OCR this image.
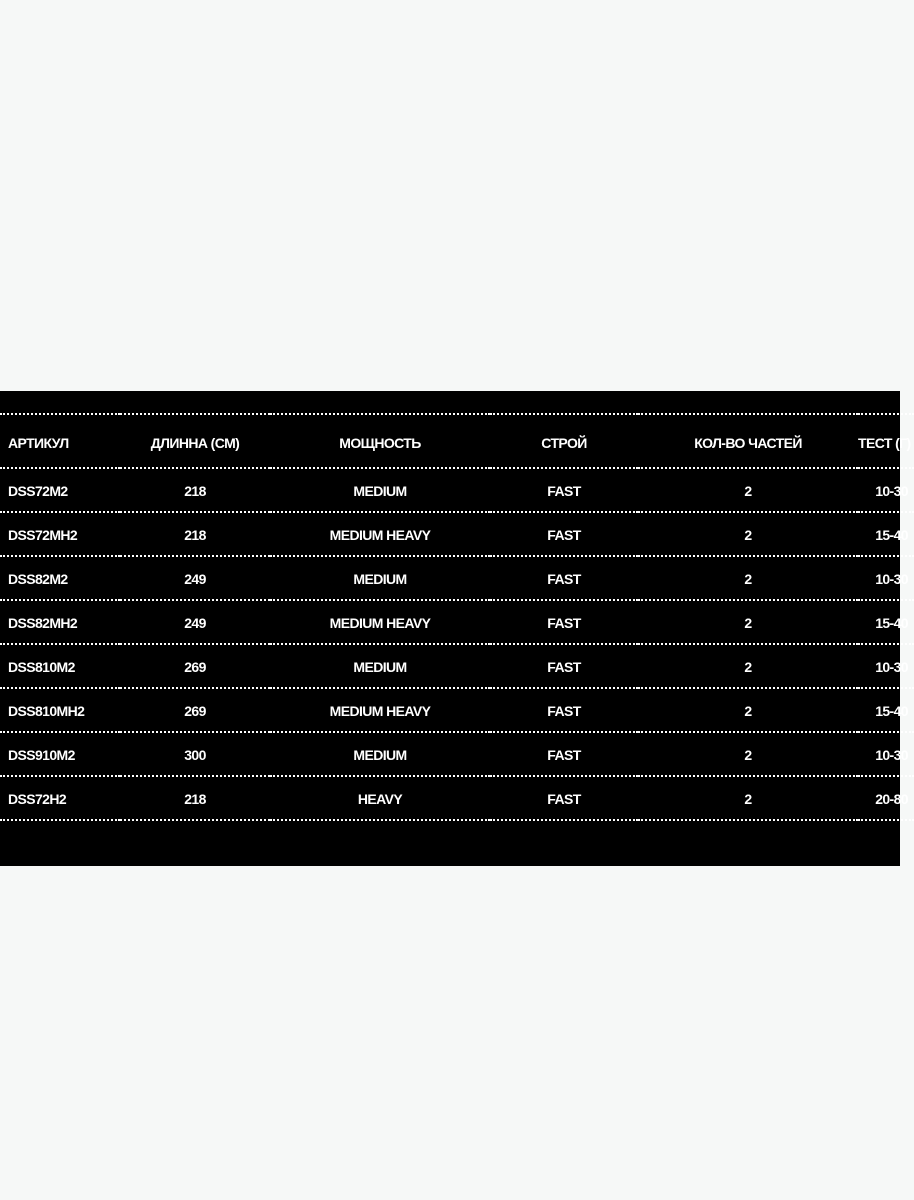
АРТИКУЛ	ДЛИННА (СМ)	МОЩНОСТЬ	СТРОЙ	КОЛ-ВО ЧАСТЕЙ	ТЕСТ (Г)
DSS72M2	218	MEDIUM	FAST	2	10-30
DSS72MH2	218	MEDIUM HEAVY	FAST	2	15-40
DSS82M2	249	MEDIUM	FAST	2	10-30
DSS82MH2	249	MEDIUM HEAVY	FAST	2	15-40
DSS810M2	269	MEDIUM	FAST	2	10-30
DSS810MH2	269	MEDIUM HEAVY	FAST	2	15-40
DSS910M2	300	MEDIUM	FAST	2	10-30
DSS72H2	218	HEAVY	FAST	2	20-80
